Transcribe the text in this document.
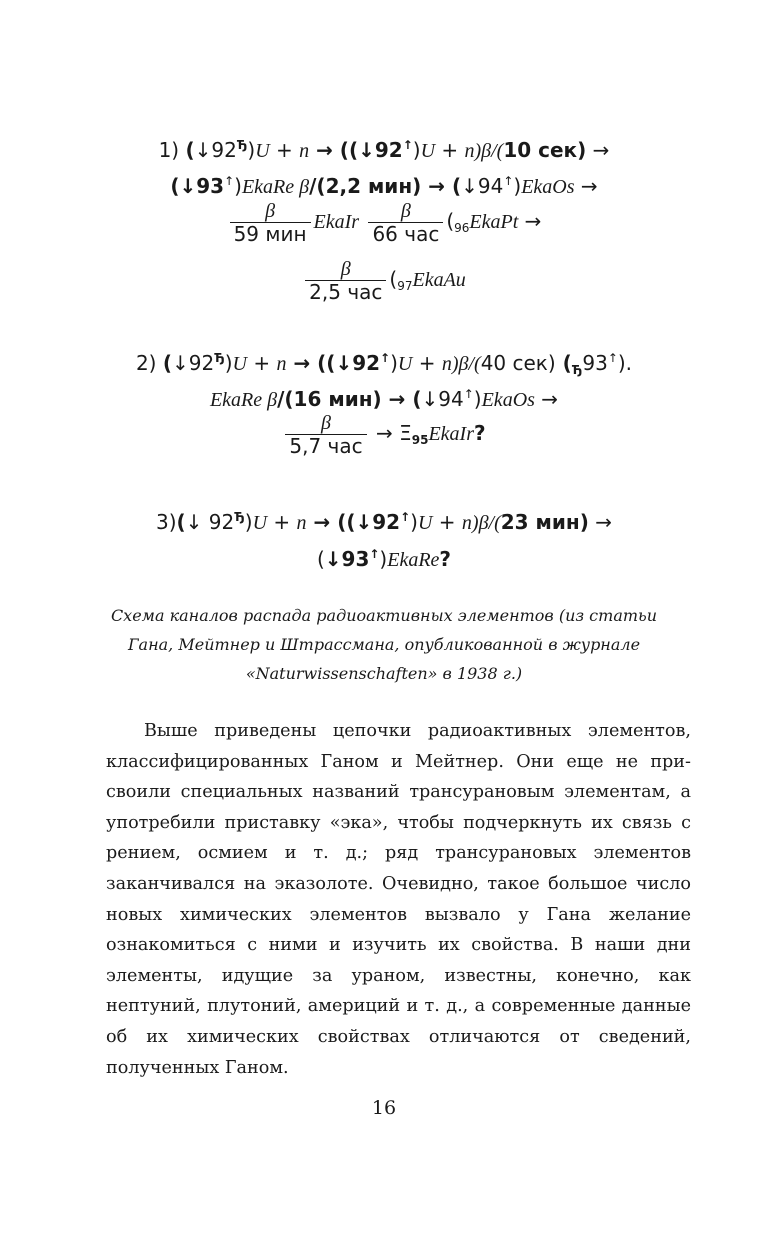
1) $(↓92^Ђ)U + n$ → ((↓92↑)U + n)β/(10 сек) →
(↓93↑)EkaRe β/(2,2 мин) → (↓94↑)EkaOs →
$\frac{\beta}{\text{59 мин}}$ EkaIr $\frac{\beta}{\text{66 час}}$ ($_{96}EkaPt$ →
$\frac{\beta}{\text{2,5 час}}$ ($_{97}EkaAu$
2) $(↓92^Ђ)U + n$ → ((↓92↑)U + n)β/(40 сек) $(_Ђ93^↑)$.
EkaRe β/(16 мин) → (↓94↑)EkaOs →
$\frac{\beta}{\text{5,7 час}}$ → $\Xi_{95}EkaIr$?
3)(↓ $92^Ђ)U + n$ → ((↓92↑)U + n)β/(23 мин) →
(↓93↑)EkaRe?
Схема каналов распада радиоактивных элементов (из статьи Гана, Мейтнер и Штрассмана, опубликованной в журнале «Naturwissenschaften» в 1938 г.)
Выше приведены цепочки радиоактивных элементов, классифицированных Ганом и Мейтнер. Они еще не присвоили специальных названий трансурановым элементам, а употребили приставку «эка», чтобы подчеркнуть их связь с рением, осмием и т. д.; ряд трансурановых элементов заканчивался на эказолоте. Очевидно, такое большое число новых химических элементов вызвало у Гана желание ознакомиться с ними и изучить их свойства. В наши дни элементы, идущие за ураном, известны, конечно, как нептуний, плутоний, америций и т. д., а современные данные об их химических свойствах отличаются от сведений, полученных Ганом.
16
